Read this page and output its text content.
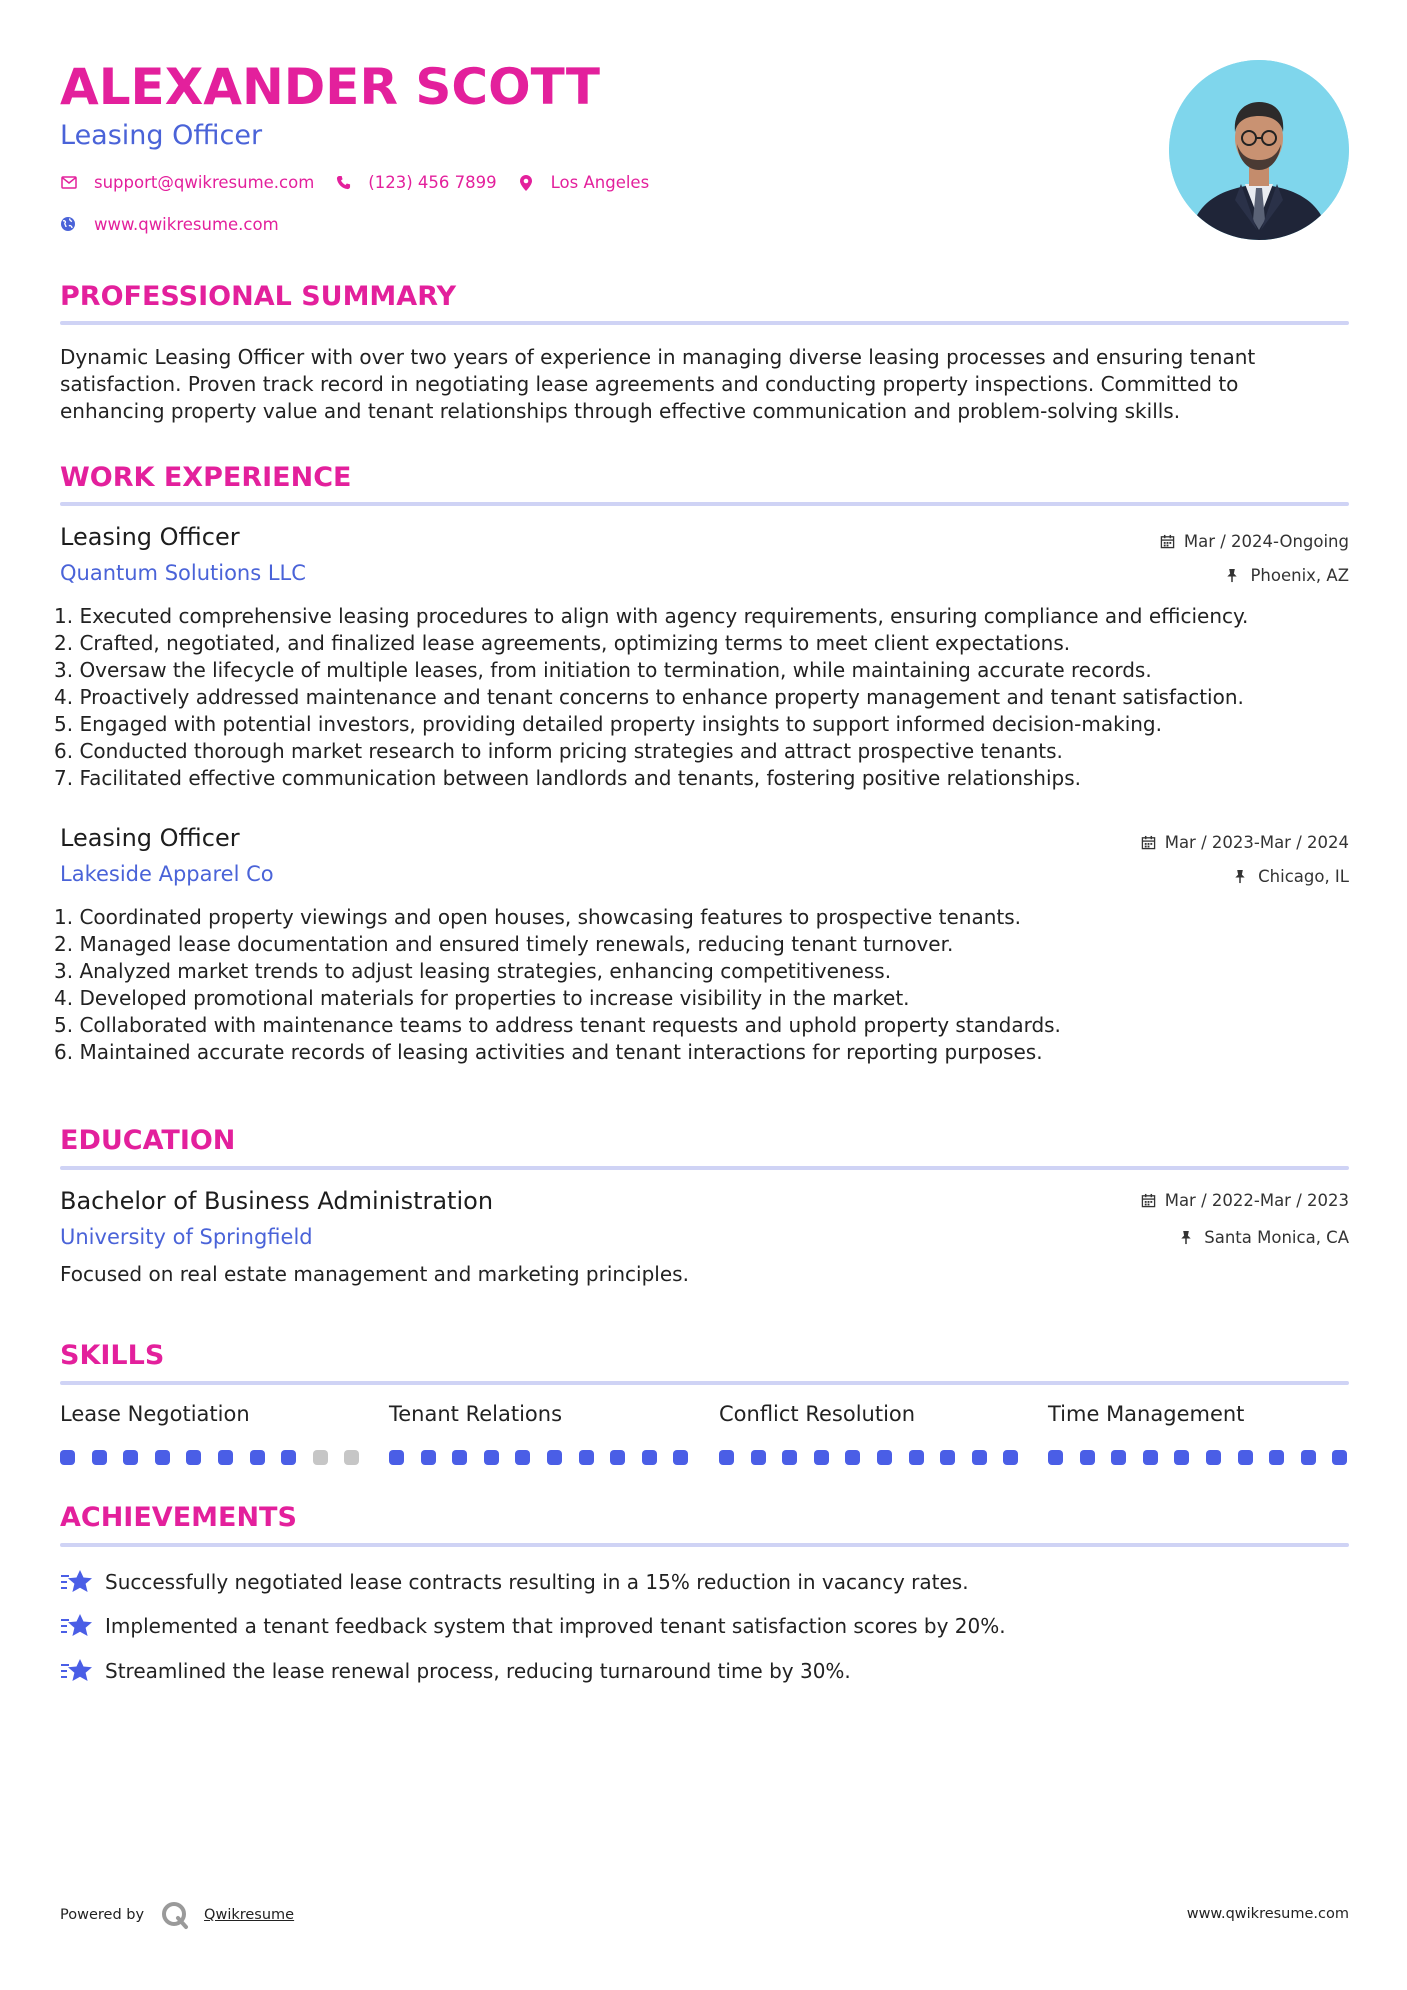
ALEXANDER SCOTT
Leasing Officer
support@qwikresume.com	(123) 456 7899	Los Angeles
www.qwikresume.com
PROFESSIONAL SUMMARY
Dynamic Leasing Officer with over two years of experience in managing diverse leasing processes and ensuring tenant
satisfaction. Proven track record in negotiating lease agreements and conducting property inspections. Committed to
enhancing property value and tenant relationships through effective communication and problem-solving skills.
WORK EXPERIENCE
Leasing Officer	Mar / 2024-Ongoing
Quantum Solutions LLC	Phoenix, AZ
1. Executed comprehensive leasing procedures to align with agency requirements, ensuring compliance and efficiency.
2. Crafted, negotiated, and finalized lease agreements, optimizing terms to meet client expectations.
3. Oversaw the lifecycle of multiple leases, from initiation to termination, while maintaining accurate records.
4. Proactively addressed maintenance and tenant concerns to enhance property management and tenant satisfaction.
5. Engaged with potential investors, providing detailed property insights to support informed decision-making.
6. Conducted thorough market research to inform pricing strategies and attract prospective tenants.
7. Facilitated effective communication between landlords and tenants, fostering positive relationships.
Leasing Officer	Mar / 2023-Mar / 2024
Lakeside Apparel Co	Chicago, IL
1. Coordinated property viewings and open houses, showcasing features to prospective tenants.
2. Managed lease documentation and ensured timely renewals, reducing tenant turnover.
3. Analyzed market trends to adjust leasing strategies, enhancing competitiveness.
4. Developed promotional materials for properties to increase visibility in the market.
5. Collaborated with maintenance teams to address tenant requests and uphold property standards.
6. Maintained accurate records of leasing activities and tenant interactions for reporting purposes.
EDUCATION
Bachelor of Business Administration	Mar / 2022-Mar / 2023
University of Springfield	Santa Monica, CA
Focused on real estate management and marketing principles.
SKILLS
Lease Negotiation	Tenant Relations	Conflict Resolution	Time Management
ACHIEVEMENTS
Successfully negotiated lease contracts resulting in a 15% reduction in vacancy rates.
Implemented a tenant feedback system that improved tenant satisfaction scores by 20%.
Streamlined the lease renewal process, reducing turnaround time by 30%.
Powered by	Qwikresume	www.qwikresume.com
